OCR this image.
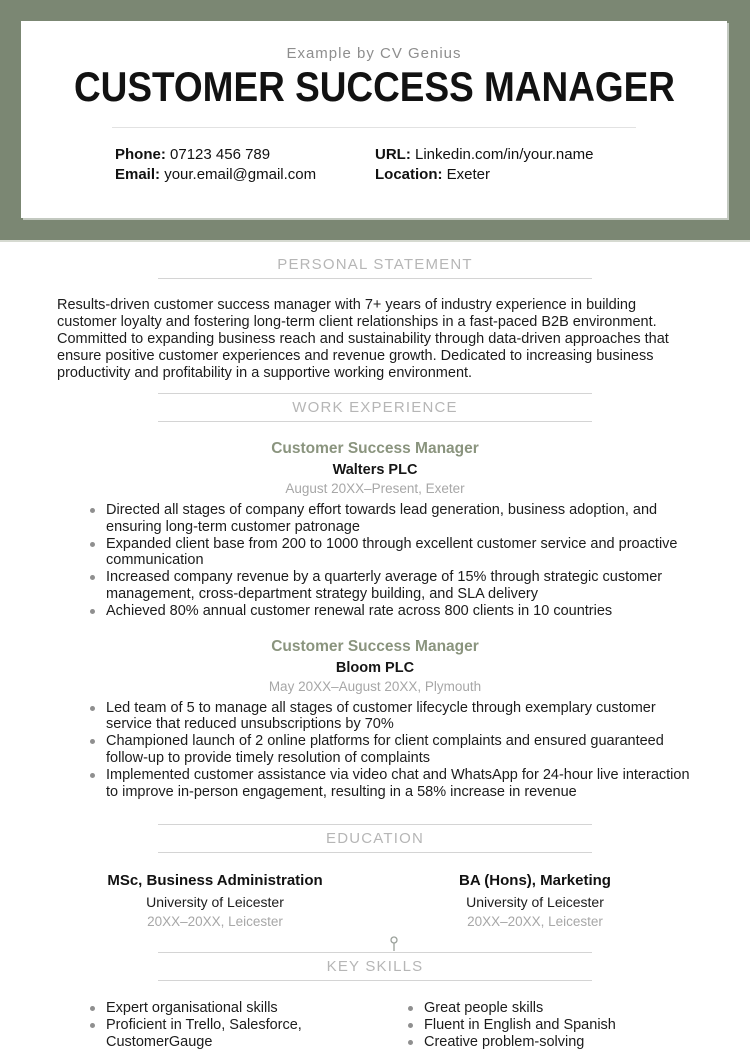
Example by CV Genius
CUSTOMER SUCCESS MANAGER
Phone: 07123 456 789	URL: Linkedin.com/in/your.name
Email: your.email@gmail.com	Location: Exeter
PERSONAL STATEMENT

Results-driven customer success manager with 7+ years of industry experience in building customer loyalty and fostering long-term client relationships in a fast-paced B2B environment. Committed to expanding business reach and sustainability through data-driven approaches that ensure positive customer experiences and revenue growth. Dedicated to increasing business productivity and profitability in a supportive working environment.

WORK EXPERIENCE
Customer Success Manager
Walters PLC
August 20XX–Present, Exeter
Directed all stages of company effort towards lead generation, business adoption, and ensuring long-term customer patronage
Expanded client base from 200 to 1000 through excellent customer service and proactive communication
Increased company revenue by a quarterly average of 15% through strategic customer management, cross-department strategy building, and SLA delivery
Achieved 80% annual customer renewal rate across 800 clients in 10 countries
Customer Success Manager
Bloom PLC
May 20XX–August 20XX, Plymouth
Led team of 5 to manage all stages of customer lifecycle through exemplary customer service that reduced unsubscriptions by 70%
Championed launch of 2 online platforms for client complaints and ensured guaranteed follow-up to provide timely resolution of complaints
Implemented customer assistance via video chat and WhatsApp for 24-hour live interaction to improve in-person engagement, resulting in a 58% increase in revenue
EDUCATION
MSc, Business Administration
University of Leicester
20XX–20XX, Leicester
BA (Hons), Marketing
University of Leicester
20XX–20XX, Leicester
KEY SKILLS
Expert organisational skills
Proficient in Trello, Salesforce, CustomerGauge
Great people skills
Fluent in English and Spanish
Creative problem-solving
